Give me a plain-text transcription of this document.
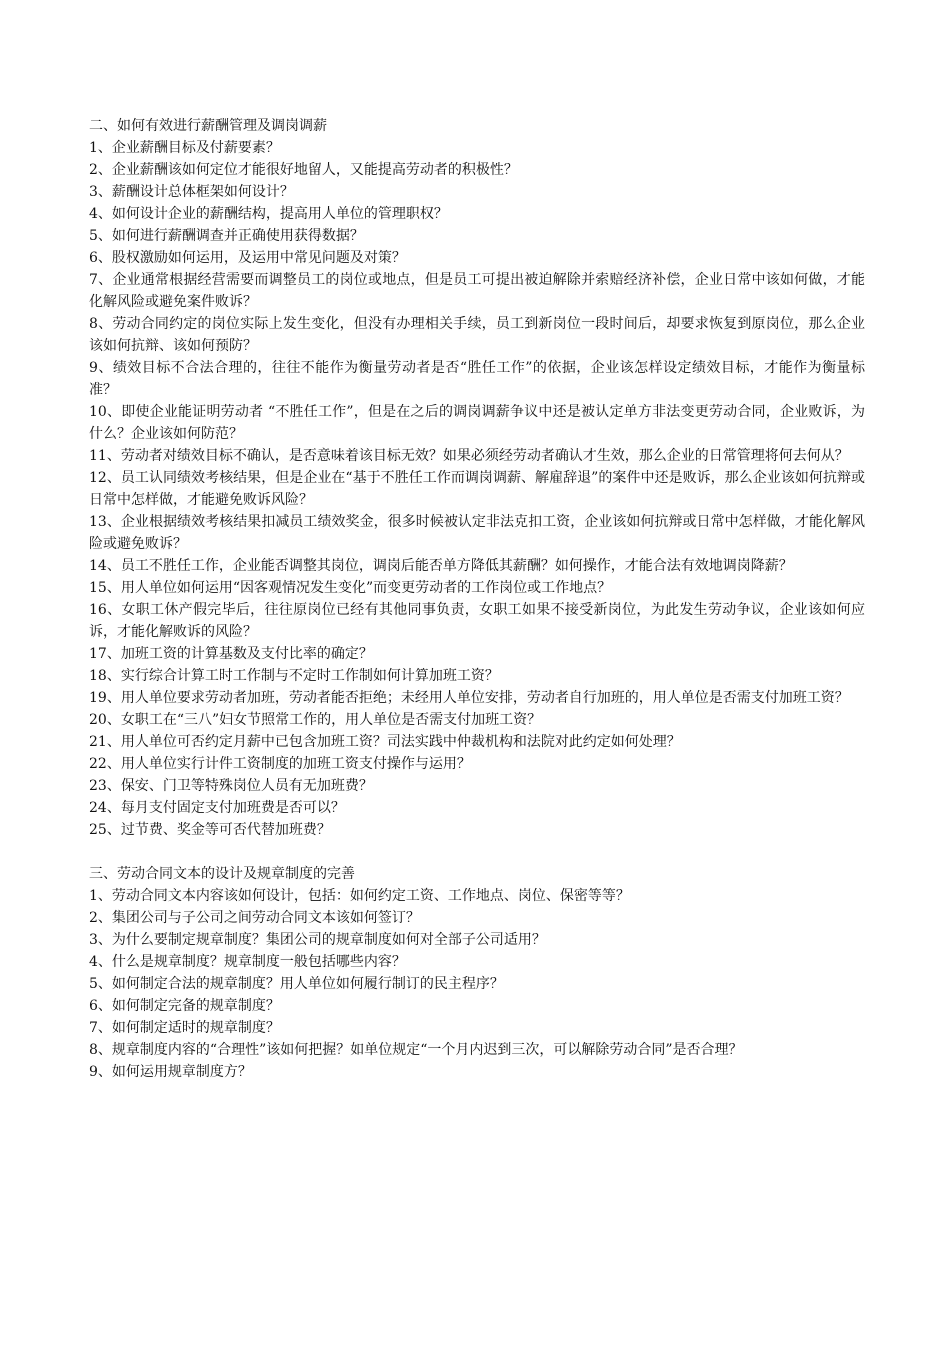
二、如何有效进行薪酬管理及调岗调薪

1、企业薪酬目标及付薪要素？

2、企业薪酬该如何定位才能很好地留人，又能提高劳动者的积极性？

3、薪酬设计总体框架如何设计？

4、如何设计企业的薪酬结构，提高用人单位的管理职权？

5、如何进行薪酬调查并正确使用获得数据？

6、股权激励如何运用，及运用中常见问题及对策？

7、企业通常根据经营需要而调整员工的岗位或地点，但是员工可提出被迫解除并索赔经济补偿，企业日常中该如何做，才能化解风险或避免案件败诉？

8、劳动合同约定的岗位实际上发生变化，但没有办理相关手续，员工到新岗位一段时间后，却要求恢复到原岗位，那么企业该如何抗辩、该如何预防？

9、绩效目标不合法合理的，往往不能作为衡量劳动者是否“胜任工作”的依据，企业该怎样设定绩效目标，才能作为衡量标准？

10、即使企业能证明劳动者 “不胜任工作”，但是在之后的调岗调薪争议中还是被认定单方非法变更劳动合同，企业败诉，为什么？企业该如何防范？

11、劳动者对绩效目标不确认，是否意味着该目标无效？如果必须经劳动者确认才生效，那么企业的日常管理将何去何从？

12、员工认同绩效考核结果，但是企业在“基于不胜任工作而调岗调薪、解雇辞退”的案件中还是败诉，那么企业该如何抗辩或日常中怎样做，才能避免败诉风险？

13、企业根据绩效考核结果扣减员工绩效奖金，很多时候被认定非法克扣工资，企业该如何抗辩或日常中怎样做，才能化解风险或避免败诉？

14、员工不胜任工作，企业能否调整其岗位，调岗后能否单方降低其薪酬？如何操作，才能合法有效地调岗降薪？

15、用人单位如何运用“因客观情况发生变化”而变更劳动者的工作岗位或工作地点？

16、女职工休产假完毕后，往往原岗位已经有其他同事负责，女职工如果不接受新岗位，为此发生劳动争议，企业该如何应诉，才能化解败诉的风险？

17、加班工资的计算基数及支付比率的确定？

18、实行综合计算工时工作制与不定时工作制如何计算加班工资？

19、用人单位要求劳动者加班，劳动者能否拒绝；未经用人单位安排，劳动者自行加班的，用人单位是否需支付加班工资？

20、女职工在“三八”妇女节照常工作的，用人单位是否需支付加班工资？

21、用人单位可否约定月薪中已包含加班工资？司法实践中仲裁机构和法院对此约定如何处理？

22、用人单位实行计件工资制度的加班工资支付操作与运用？

23、保安、门卫等特殊岗位人员有无加班费？

24、每月支付固定支付加班费是否可以？

25、过节费、奖金等可否代替加班费？

三、劳动合同文本的设计及规章制度的完善

1、劳动合同文本内容该如何设计，包括：如何约定工资、工作地点、岗位、保密等等？

2、集团公司与子公司之间劳动合同文本该如何签订？

3、为什么要制定规章制度？集团公司的规章制度如何对全部子公司适用？

4、什么是规章制度？规章制度一般包括哪些内容？

5、如何制定合法的规章制度？用人单位如何履行制订的民主程序？

6、如何制定完备的规章制度？

7、如何制定适时的规章制度？

8、规章制度内容的“合理性”该如何把握？如单位规定“一个月内迟到三次，可以解除劳动合同”是否合理？

9、如何运用规章制度方？
